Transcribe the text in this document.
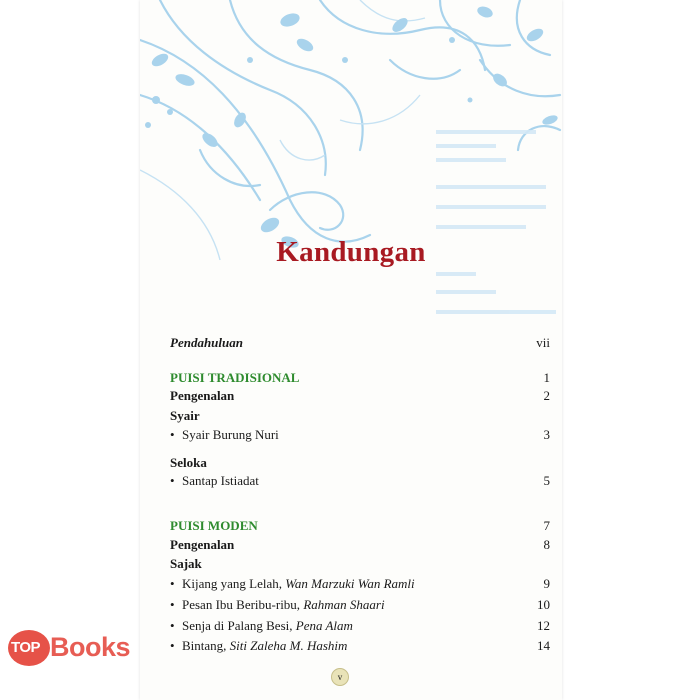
Kandungan
Pendahuluan	vii
PUISI TRADISIONAL	1
Pengenalan	2
Syair
• Syair Burung Nuri	3
Seloka
• Santap Istiadat	5
PUISI MODEN	7
Pengenalan	8
Sajak
• Kijang yang Lelah, Wan Marzuki Wan Ramli	9
• Pesan Ibu Beribu-ribu, Rahman Shaari	10
• Senja di Palang Besi, Pena Alam	12
• Bintang, Siti Zaleha M. Hashim	14
v
TOP Books
